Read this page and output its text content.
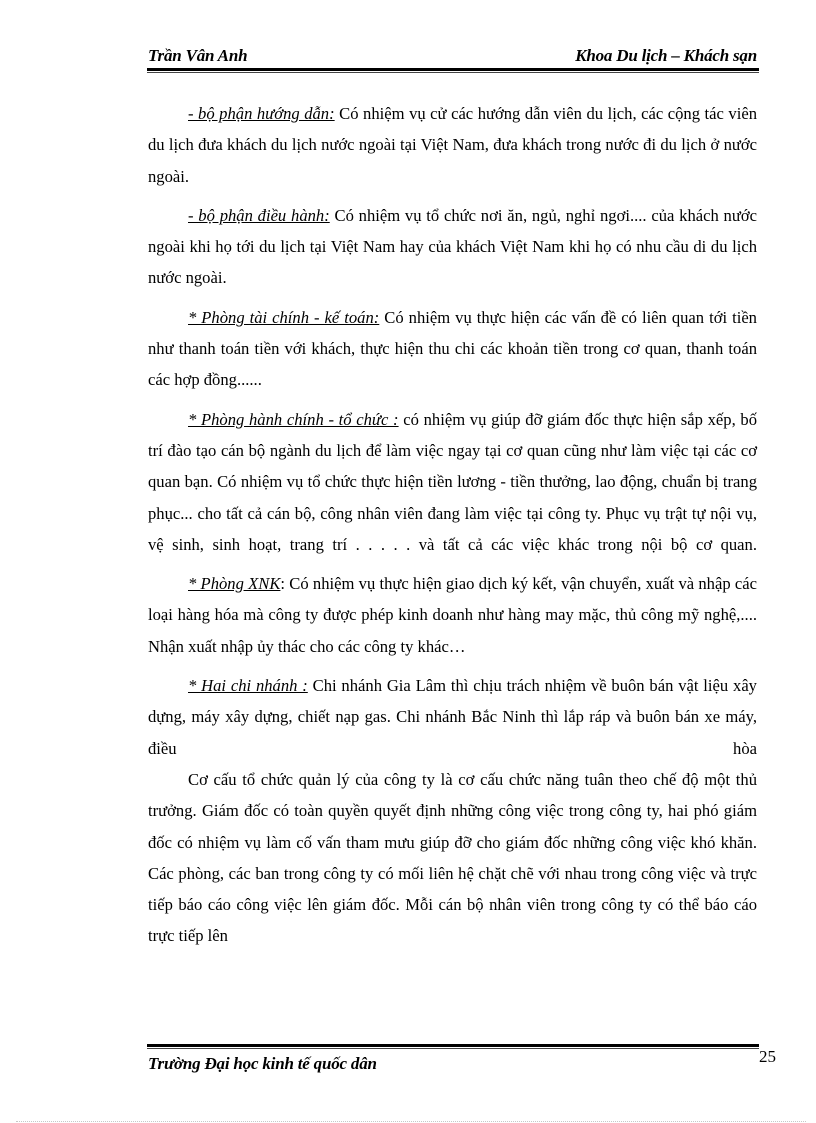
Trần Vân Anh	Khoa Du lịch – Khách sạn

- bộ phận hướng dẫn: Có nhiệm vụ cử các hướng dẫn viên du lịch, các cộng tác viên du lịch đưa khách du lịch nước ngoài tại Việt Nam, đưa khách trong nước đi du lịch ở nước ngoài.

- bộ phận điều hành: Có nhiệm vụ tổ chức nơi ăn, ngủ, nghỉ ngơi.... của khách nước ngoài khi họ tới du lịch tại Việt Nam hay của khách Việt Nam khi họ có nhu cầu di du lịch nước ngoài.

* Phòng tài chính - kế toán: Có nhiệm vụ thực hiện các vấn đề có liên quan tới tiền như thanh toán tiền với khách, thực hiện thu chi các khoản tiền trong cơ quan, thanh toán các hợp đồng......

* Phòng hành chính - tổ chức : có nhiệm vụ giúp đỡ giám đốc thực hiện sắp xếp, bố trí đào tạo cán bộ ngành du lịch để làm việc ngay tại cơ quan cũng như làm việc tại các cơ quan bạn. Có nhiệm vụ tổ chức thực hiện tiền lương - tiền thưởng, lao động, chuẩn bị trang phục... cho tất cả cán bộ, công nhân viên đang làm việc tại công ty. Phục vụ trật tự nội vụ, vệ sinh, sinh hoạt, trang trí . . . . . và tất cả các việc khác trong nội bộ cơ quan.

* Phòng XNK: Có nhiệm vụ thực hiện giao dịch ký kết, vận chuyển, xuất và nhập các loại hàng hóa mà công ty được phép kinh doanh như hàng may mặc, thủ công mỹ nghệ,.... Nhận xuất nhập ủy thác cho các công ty khác…

* Hai chi nhánh : Chi nhánh Gia Lâm thì chịu trách nhiệm về buôn bán vật liệu xây dựng, máy xây dựng, chiết nạp gas. Chi nhánh Bắc Ninh thì lắp ráp và buôn bán xe máy, điều hòa

Cơ cấu tổ chức quản lý của công ty là cơ cấu chức năng tuân theo chế độ một thủ trưởng. Giám đốc có toàn quyền quyết định những công việc trong công ty, hai phó giám đốc có nhiệm vụ làm cố vấn tham mưu giúp đỡ cho giám đốc những công việc khó khăn. Các phòng, các ban trong công ty có mối liên hệ chặt chẽ với nhau trong công việc và trực tiếp báo cáo công việc lên giám đốc. Mỗi cán bộ nhân viên trong công ty có thể báo cáo trực tiếp lên

Trường Đại học kinh tế quốc dân	25
